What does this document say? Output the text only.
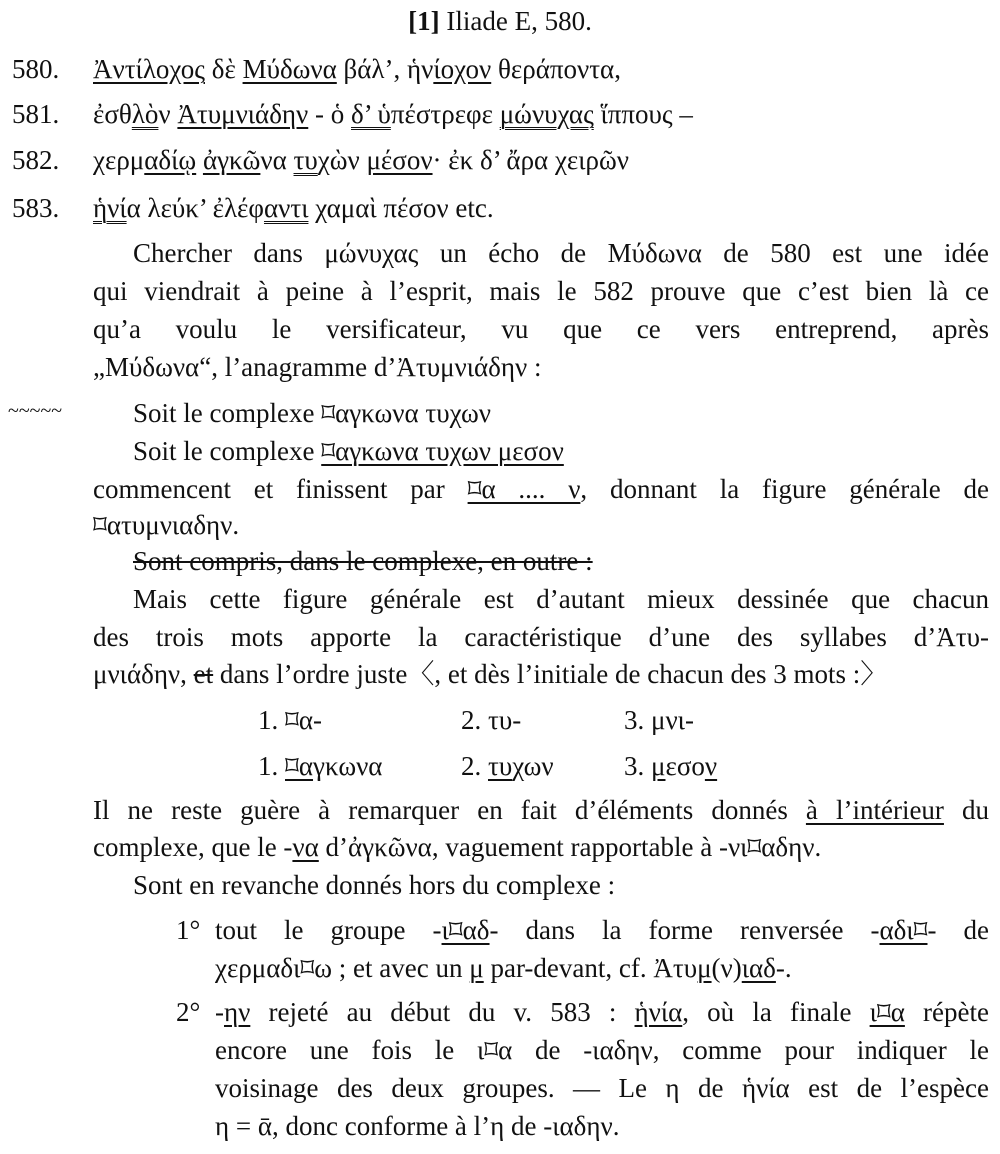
[1] Iliade E, 580.
580. Ἀντίλοχος δὲ Μύδωνα βάλ’, ἡνίοχον θεράποντα,
581. ἐσθλὸν Ἀτυμνιάδην - ὁ δ’ ὑπέστρεφε μώνυχας ἵππους –
582. χερμαδίῳ ἀγκῶνα τυχὼν μέσον· ἐκ δ’ ἄρα χειρῶν
583. ἡνία λεύκ’ ἐλέφαντι χαμαὶ πέσον etc.
Chercher dans μώνυχας un écho de Μύδωνα de 580 est une idée
qui viendrait à peine à l’esprit, mais le 582 prouve que c’est bien là ce
qu’a voulu le versificateur, vu que ce vers entreprend, après
„Μύδωνα“, l’anagramme d’Ἀτυμνιάδην :
~~~~~	Soit le complexe ⌑αγκωνα τυχων
Soit le complexe ⌑αγκωνα τυχων μεσον
commencent et finissent par ⌑α .... ν, donnant la figure générale de
⌑ατυμνιαδην.
Sont compris, dans le complexe, en outre :
Mais cette figure générale est d’autant mieux dessinée que chacun
des trois mots apporte la caractéristique d’une des syllabes d’Ἀτυ-
μνιάδην, et dans l’ordre juste〈, et dès l’initiale de chacun des 3 mots :〉
1. ⌑α-	2. τυ-	3. μνι-
1. ⌑αγκωνα	2. τυχων	3. μεσον
Il ne reste guère à remarquer en fait d’éléments donnés à l’intérieur du
complexe, que le -να d’ἀγκῶνα, vaguement rapportable à -νι⌑αδην.
Sont en revanche donnés hors du complexe :
1° tout le groupe -ι⌑αδ- dans la forme renversée -αδι⌑- de
χερμαδι⌑ω ; et avec un μ par-devant, cf. Ἀτυμ(ν)ιαδ-.
2° -ην rejeté au début du v. 583 : ἡνία, où la finale ι⌑α répète
encore une fois le ι⌑α de -ιαδην, comme pour indiquer le
voisinage des deux groupes. — Le η de ἡνία est de l’espèce
η = ᾱ, donc conforme à l’η de -ιαδην.
